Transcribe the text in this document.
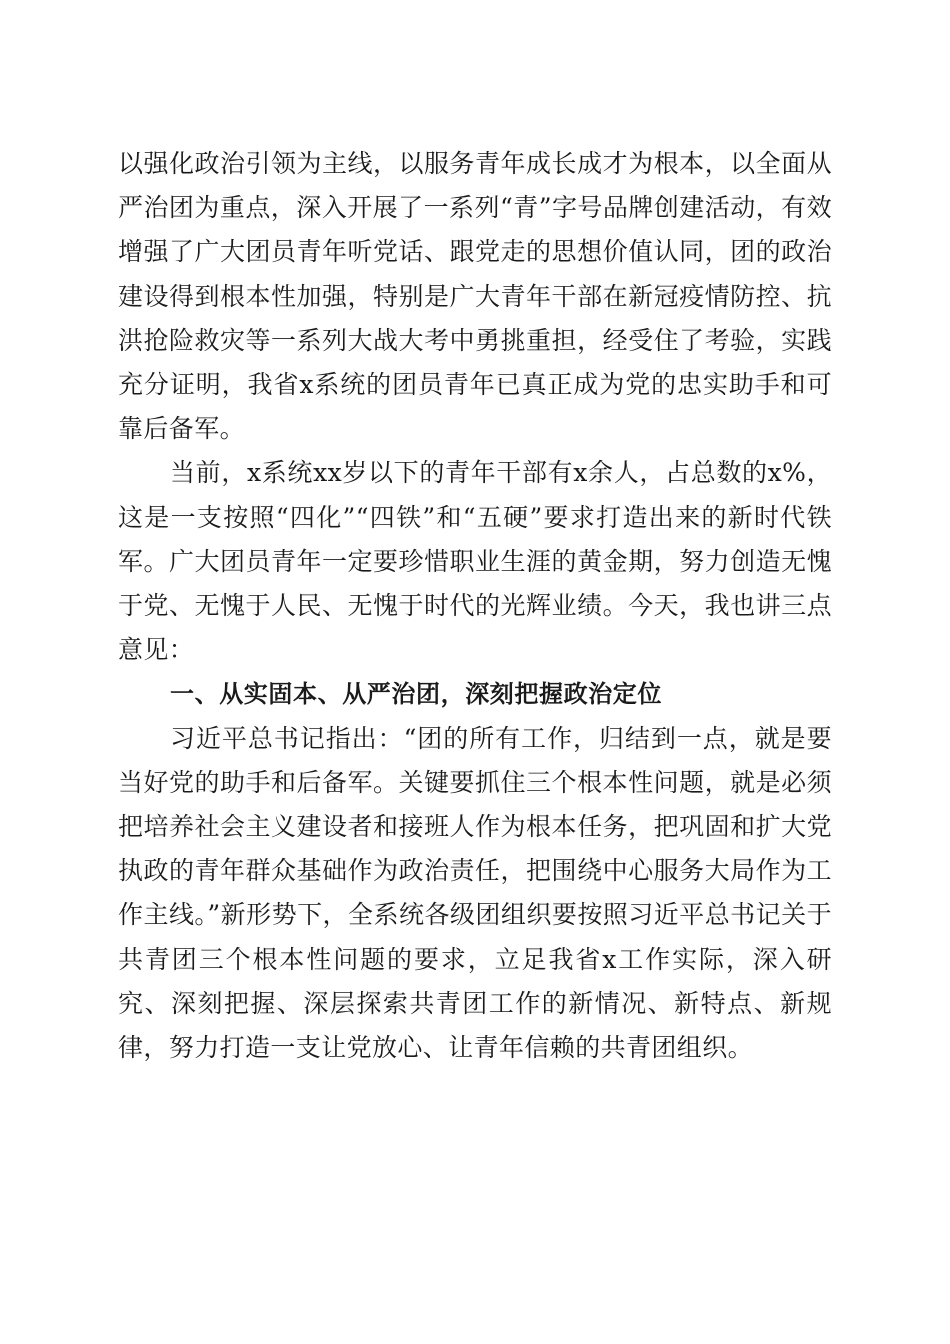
以强化政治引领为主线，以服务青年成长成才为根本，以全面从严治团为重点，深入开展了一系列“青”字号品牌创建活动，有效增强了广大团员青年听党话、跟党走的思想价值认同，团的政治建设得到根本性加强，特别是广大青年干部在新冠疫情防控、抗洪抢险救灾等一系列大战大考中勇挑重担，经受住了考验，实践充分证明，我省x系统的团员青年已真正成为党的忠实助手和可靠后备军。

当前，x系统xx岁以下的青年干部有x余人，占总数的x%，这是一支按照“四化”“四铁”和“五硬”要求打造出来的新时代铁军。广大团员青年一定要珍惜职业生涯的黄金期，努力创造无愧于党、无愧于人民、无愧于时代的光辉业绩。今天，我也讲三点意见：

一、从实固本、从严治团，深刻把握政治定位

习近平总书记指出：“团的所有工作，归结到一点，就是要当好党的助手和后备军。关键要抓住三个根本性问题，就是必须把培养社会主义建设者和接班人作为根本任务，把巩固和扩大党执政的青年群众基础作为政治责任，把围绕中心服务大局作为工作主线。”新形势下，全系统各级团组织要按照习近平总书记关于共青团三个根本性问题的要求，立足我省x工作实际，深入研究、深刻把握、深层探索共青团工作的新情况、新特点、新规律，努力打造一支让党放心、让青年信赖的共青团组织。
